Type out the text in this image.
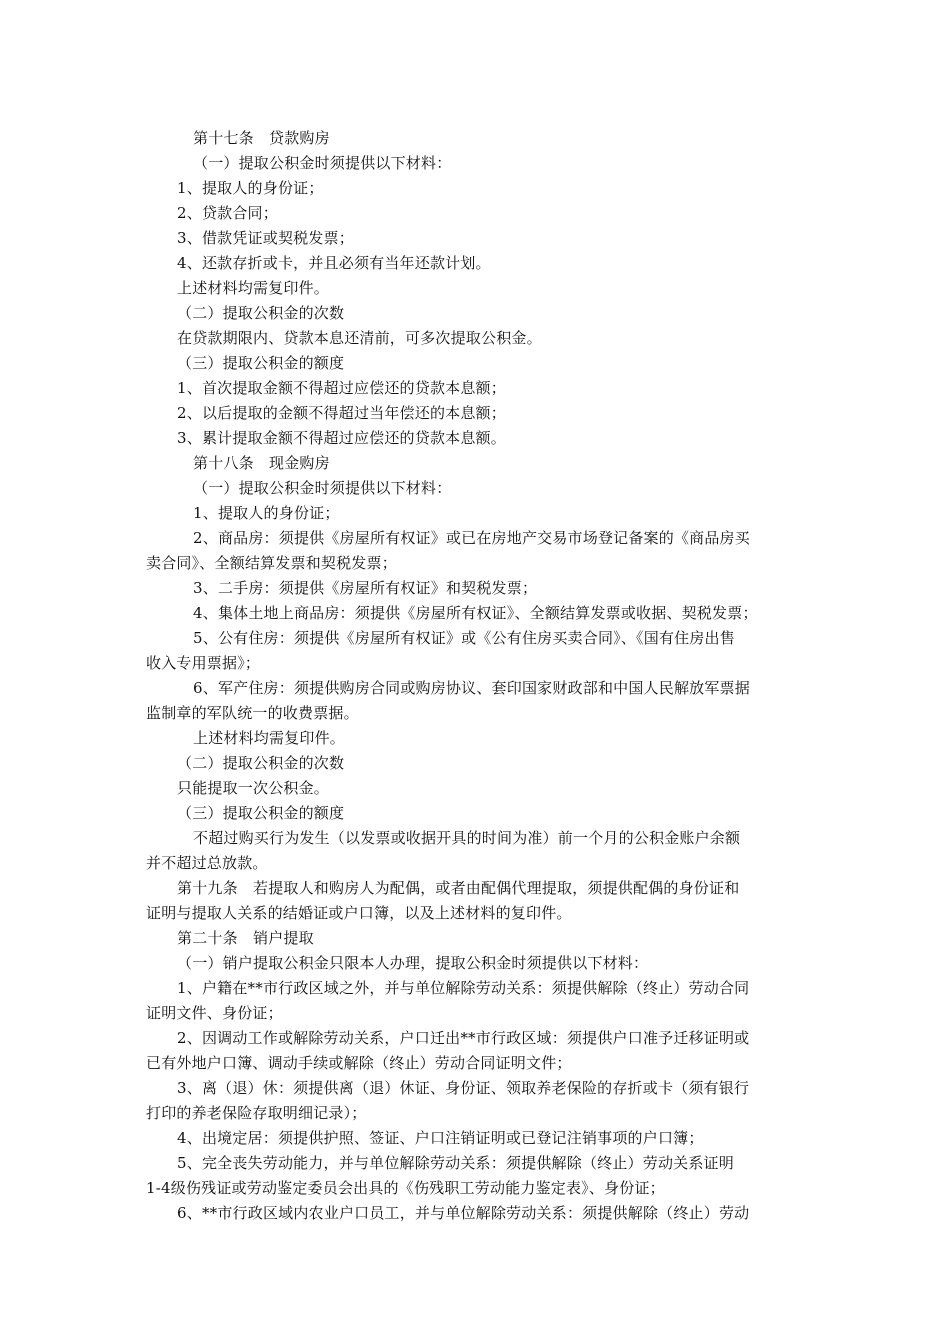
第十七条　贷款购房
（一）提取公积金时须提供以下材料：
1、提取人的身份证；
2、贷款合同；
3、借款凭证或契税发票；
4、还款存折或卡，并且必须有当年还款计划。
上述材料均需复印件。
（二）提取公积金的次数
在贷款期限内、贷款本息还清前，可多次提取公积金。
（三）提取公积金的额度
1、首次提取金额不得超过应偿还的贷款本息额；
2、以后提取的金额不得超过当年偿还的本息额；
3、累计提取金额不得超过应偿还的贷款本息额。
第十八条　现金购房
（一）提取公积金时须提供以下材料：
1、提取人的身份证；
2、商品房：须提供《房屋所有权证》或已在房地产交易市场登记备案的《商品房买
卖合同》、全额结算发票和契税发票；
3、二手房：须提供《房屋所有权证》和契税发票；
4、集体土地上商品房：须提供《房屋所有权证》、全额结算发票或收据、契税发票；
5、公有住房：须提供《房屋所有权证》或《公有住房买卖合同》、《国有住房出售
收入专用票据》；
6、军产住房：须提供购房合同或购房协议、套印国家财政部和中国人民解放军票据
监制章的军队统一的收费票据。
上述材料均需复印件。
（二）提取公积金的次数
只能提取一次公积金。
（三）提取公积金的额度
不超过购买行为发生（以发票或收据开具的时间为准）前一个月的公积金账户余额
并不超过总放款。
第十九条　若提取人和购房人为配偶，或者由配偶代理提取，须提供配偶的身份证和
证明与提取人关系的结婚证或户口簿，以及上述材料的复印件。
第二十条　销户提取
（一）销户提取公积金只限本人办理，提取公积金时须提供以下材料：
1、户籍在**市行政区域之外，并与单位解除劳动关系：须提供解除（终止）劳动合同
证明文件、身份证；
2、因调动工作或解除劳动关系，户口迁出**市行政区域：须提供户口准予迁移证明或
已有外地户口簿、调动手续或解除（终止）劳动合同证明文件；
3、离（退）休：须提供离（退）休证、身份证、领取养老保险的存折或卡（须有银行
打印的养老保险存取明细记录）；
4、出境定居：须提供护照、签证、户口注销证明或已登记注销事项的户口簿；
5、完全丧失劳动能力，并与单位解除劳动关系：须提供解除（终止）劳动关系证明
1-4级伤残证或劳动鉴定委员会出具的《伤残职工劳动能力鉴定表》、身份证；
6、**市行政区域内农业户口员工，并与单位解除劳动关系：须提供解除（终止）劳动
